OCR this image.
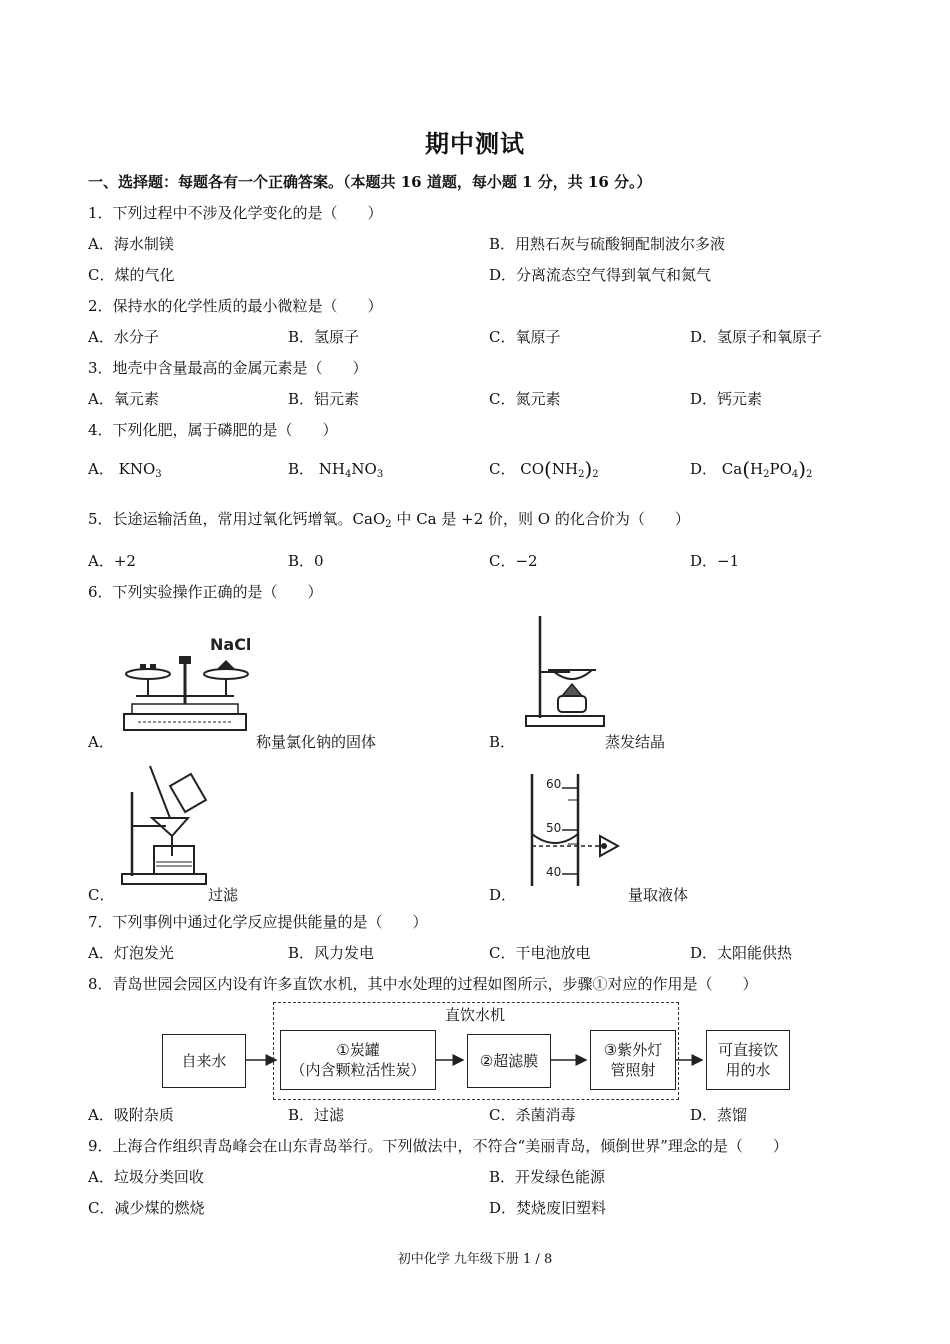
期中测试
一、选择题：每题各有一个正确答案。（本题共 16 道题，每小题 1 分，共 16 分。）
1．下列过程中不涉及化学变化的是（　　）
A．海水制镁	B．用熟石灰与硫酸铜配制波尔多液
C．煤的气化	D．分离流态空气得到氧气和氮气
2．保持水的化学性质的最小微粒是（　　）
A．水分子	B．氢原子	C．氧原子	D．氢原子和氧原子
3．地壳中含量最高的金属元素是（　　）
A．氧元素	B．铝元素	C．氮元素	D．钙元素
4．下列化肥，属于磷肥的是（　　）
A． $KNO_3$	B． $NH_4NO_3$	C． $CO(NH_2)_2$	D． $Ca(H_2PO_4)_2$
5．长途运输活鱼，常用过氧化钙增氧。CaO$_2$ 中 Ca 是 +2 价，则 O 的化合价为（　　）
A．+2	B．0	C．−2	D．−1
6．下列实验操作正确的是（　　）
NaCl
A．	称量氯化钠的固体	B．	蒸发结晶
C．	过滤
60
50
40
D．	量取液体
7．下列事例中通过化学反应提供能量的是（　　）
A．灯泡发光	B．风力发电	C．干电池放电	D．太阳能供热
8．青岛世园会园区内设有许多直饮水机，其中水处理的过程如图所示，步骤①对应的作用是（　　）
直饮水机
自来水
①炭罐
（内含颗粒活性炭）	②超滤膜
③紫外灯
管照射
可直接饮
用的水
A．吸附杂质	B．过滤	C．杀菌消毒	D．蒸馏
9．上海合作组织青岛峰会在山东青岛举行。下列做法中，不符合“美丽青岛，倾倒世界”理念的是（　　）
A．垃圾分类回收	B．开发绿色能源
C．减少煤的燃烧	D．焚烧废旧塑料
初中化学 九年级下册 1 / 8
